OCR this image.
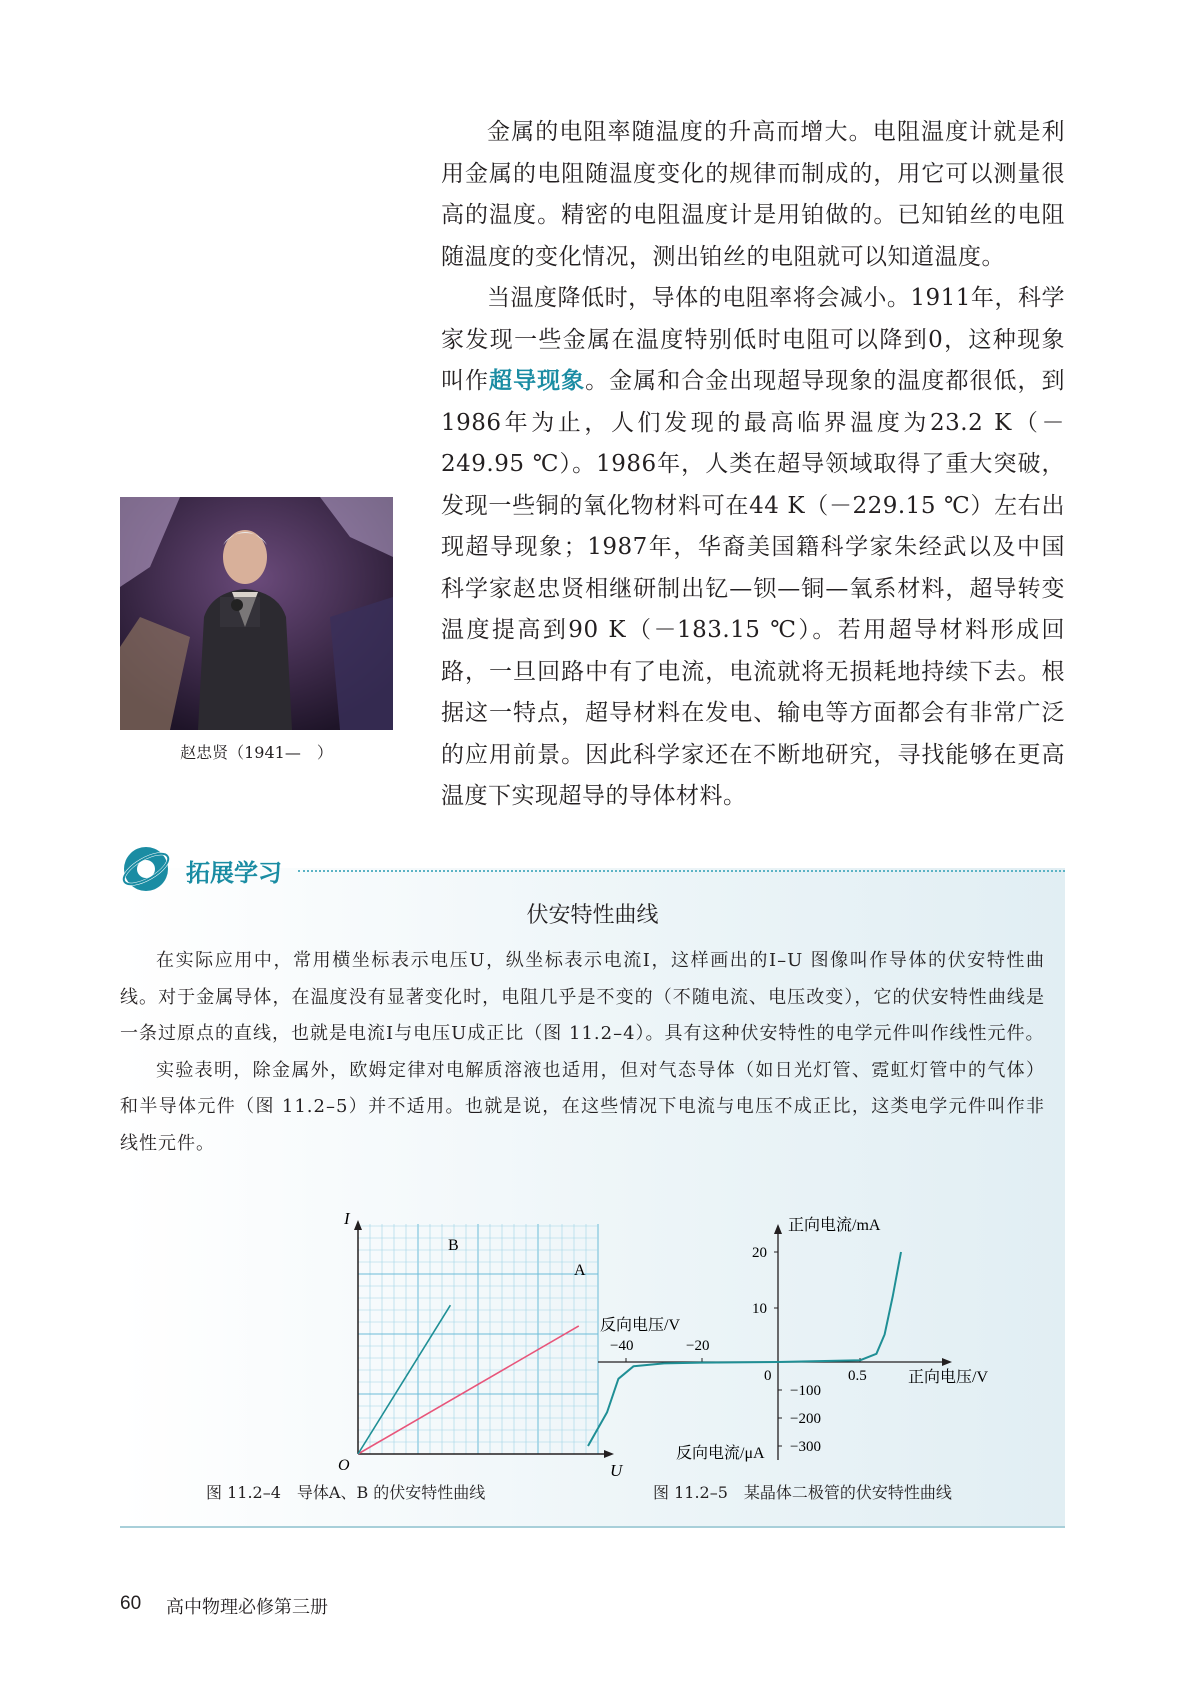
金属的电阻率随温度的升高而增大。电阻温度计就是利用金属的电阻随温度变化的规律而制成的，用它可以测量很高的温度。精密的电阻温度计是用铂做的。已知铂丝的电阻随温度的变化情况，测出铂丝的电阻就可以知道温度。

当温度降低时，导体的电阻率将会减小。1911年，科学家发现一些金属在温度特别低时电阻可以降到0，这种现象叫作超导现象。金属和合金出现超导现象的温度都很低，到1986年为止，人们发现的最高临界温度为23.2 K（－249.95 ℃）。1986年，人类在超导领域取得了重大突破，发现一些铜的氧化物材料可在44 K（－229.15 ℃）左右出现超导现象；1987年，华裔美国籍科学家朱经武以及中国科学家赵忠贤相继研制出钇—钡—铜—氧系材料，超导转变温度提高到90 K（－183.15 ℃）。若用超导材料形成回路，一旦回路中有了电流，电流就将无损耗地持续下去。根据这一特点，超导材料在发电、输电等方面都会有非常广泛的应用前景。因此科学家还在不断地研究，寻找能够在更高温度下实现超导的导体材料。

赵忠贤（1941—　）
伏安特性曲线

在实际应用中，常用横坐标表示电压U，纵坐标表示电流I，这样画出的I–U 图像叫作导体的伏安特性曲线。对于金属导体，在温度没有显著变化时，电阻几乎是不变的（不随电流、电压改变），它的伏安特性曲线是一条过原点的直线，也就是电流I与电压U成正比（图 11.2–4）。具有这种伏安特性的电学元件叫作线性元件。

实验表明，除金属外，欧姆定律对电解质溶液也适用，但对气态导体（如日光灯管、霓虹灯管中的气体）和半导体元件（图 11.2–5）并不适用。也就是说，在这些情况下电流与电压不成正比，这类电学元件叫作非线性元件。

I
U
O
A
B
图 11.2–4　导体A、B 的伏安特性曲线
正向电流/mA
反向电流/μA
正向电压/V
反向电压/V
0
20
10
−100
−200
−300
−40	−20
0.5
图 11.2–5　某晶体二极管的伏安特性曲线
拓展学习
60 高中物理必修第三册
